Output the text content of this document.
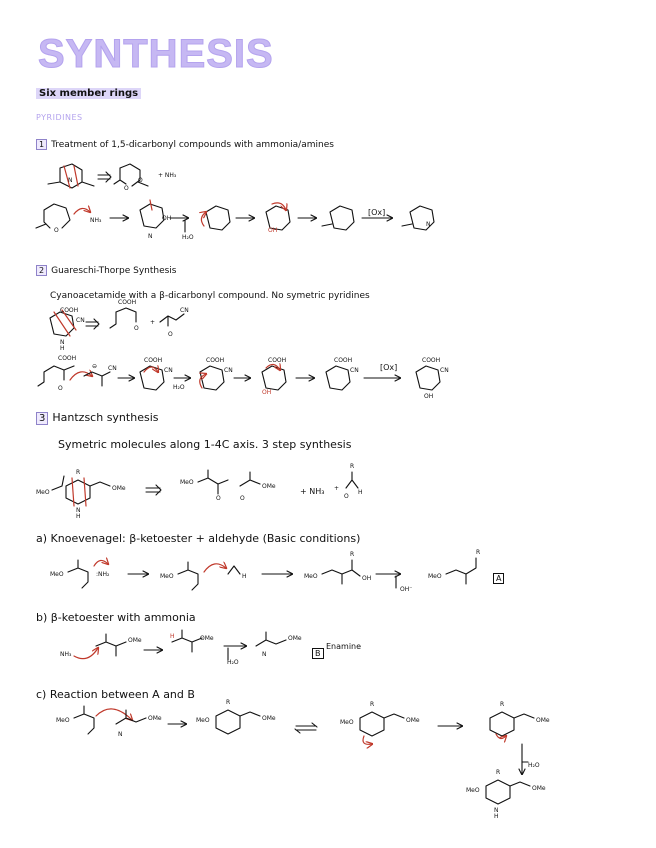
SYNTHESIS
Six member rings
PYRIDINES
1 Treatment of 1,5-dicarbonyl compounds with ammonia/amines
2 Guareschi-Thorpe Synthesis
Cyanoacetamide with a β-dicarbonyl compound. No symetric pyridines
3 Hantzsch synthesis
Symetric molecules along 1-4C axis. 3 step synthesis
a) Knoevenagel: β-ketoester + aldehyde (Basic conditions)
b) β-ketoester with ammonia
c) Reaction between A and B
A
B
Enamine
[Ox]
[Ox]
+ NH₃
NH₃
H₂O
H₂O
+ NH₃
OH⁻
H₂O
H₂O
N
O
O
O
OH
N
OH
N
COOH
CN
N
H
COOH
O
+
CN
O
COOH
O
⊖ CN
COOH
CN
COOH
CN
COOH
OH
COOH
CN
COOH
CN
OH
MeO
R
N
H
OMe
MeO
O
OMe
O
+
R
H
O
MeO	:NH₂	MeO	H	MeO
R
OH	MeO
R
NH₃
OMe	OMe
H	OMe
N
MeO	OMe
N
MeO	OMe
R
MeO	OMe
R
OMe
R
MeO	OMe
R
N
H
